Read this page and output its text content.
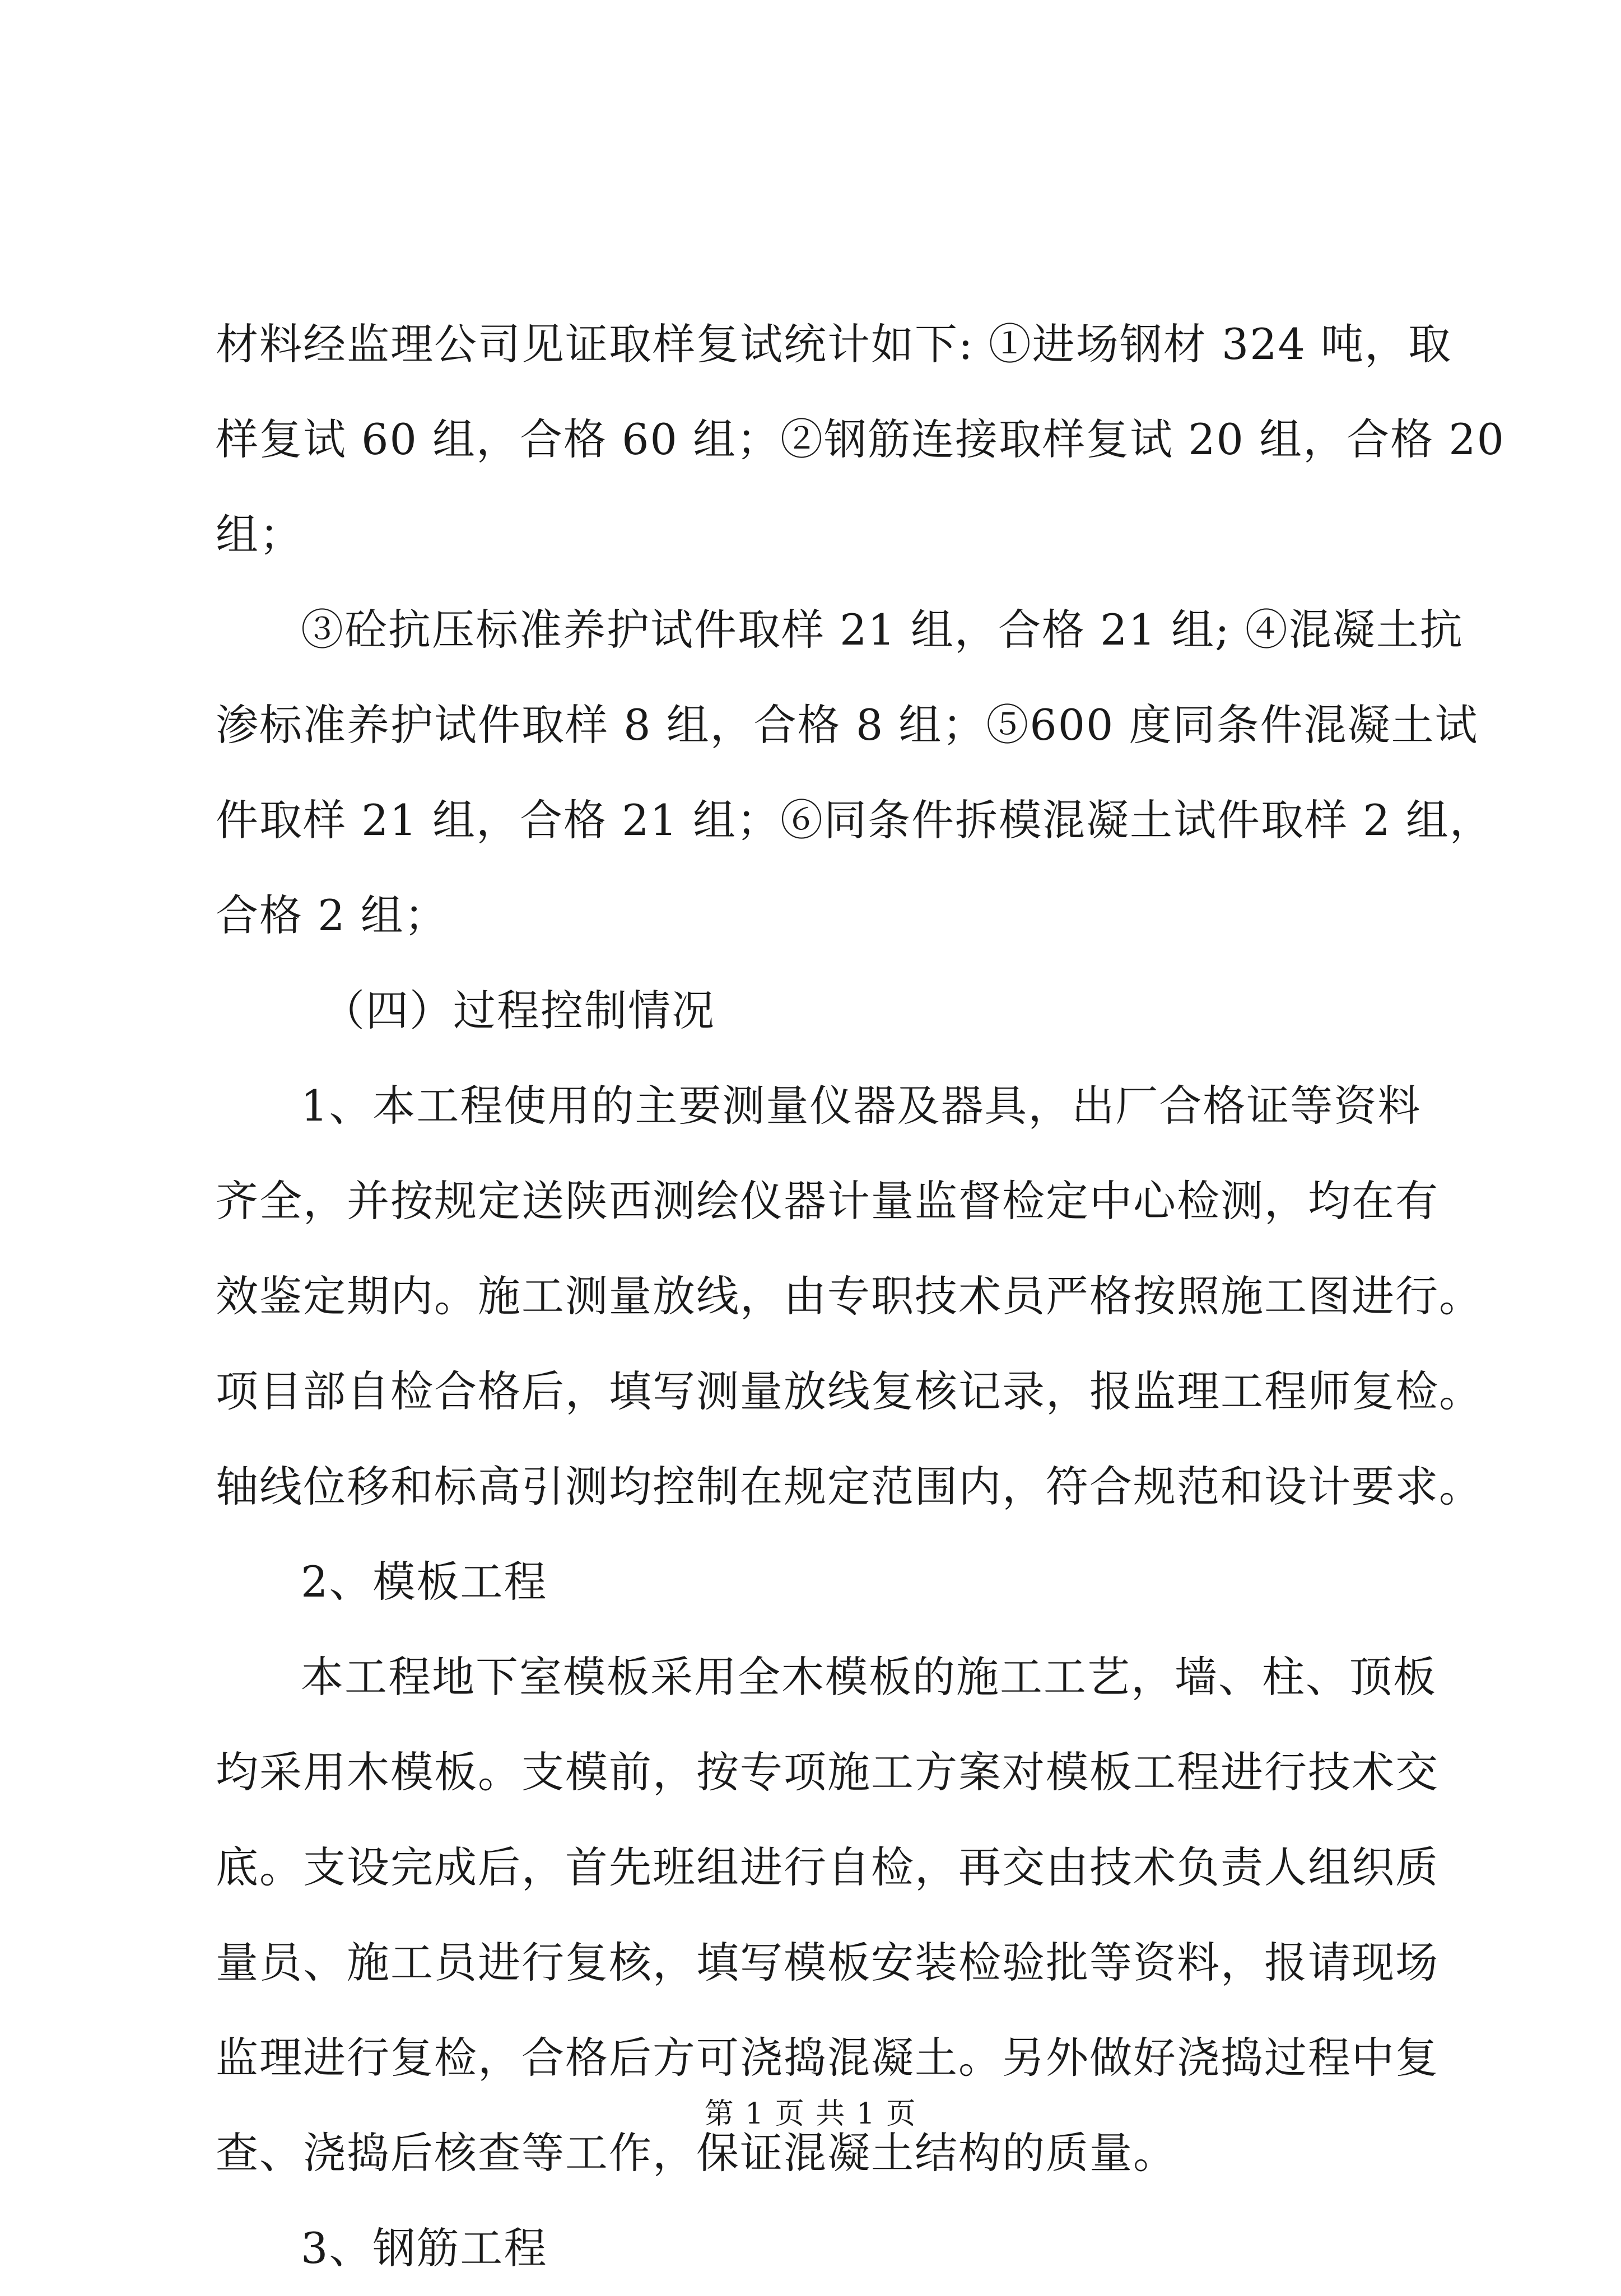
材料经监理公司见证取样复试统计如下: ①进场钢材 324 吨，取
样复试 60 组，合格 60 组；②钢筋连接取样复试 20 组，合格 20
组；
③砼抗压标准养护试件取样 21 组，合格 21 组; ④混凝土抗
渗标准养护试件取样 8 组，合格 8 组；⑤600 度同条件混凝土试
件取样 21 组，合格 21 组；⑥同条件拆模混凝土试件取样 2 组，
合格 2 组；
（四）过程控制情况
1、本工程使用的主要测量仪器及器具，出厂合格证等资料
齐全，并按规定送陕西测绘仪器计量监督检定中心检测，均在有
效鉴定期内。施工测量放线，由专职技术员严格按照施工图进行。
项目部自检合格后，填写测量放线复核记录，报监理工程师复检。
轴线位移和标高引测均控制在规定范围内，符合规范和设计要求。
2、模板工程
本工程地下室模板采用全木模板的施工工艺，墙、柱、顶板
均采用木模板。支模前，按专项施工方案对模板工程进行技术交
底。支设完成后，首先班组进行自检，再交由技术负责人组织质
量员、施工员进行复核，填写模板安装检验批等资料，报请现场
监理进行复检，合格后方可浇捣混凝土。另外做好浇捣过程中复
查、浇捣后核查等工作，保证混凝土结构的质量。
3、钢筋工程
第 1 页 共 1 页
